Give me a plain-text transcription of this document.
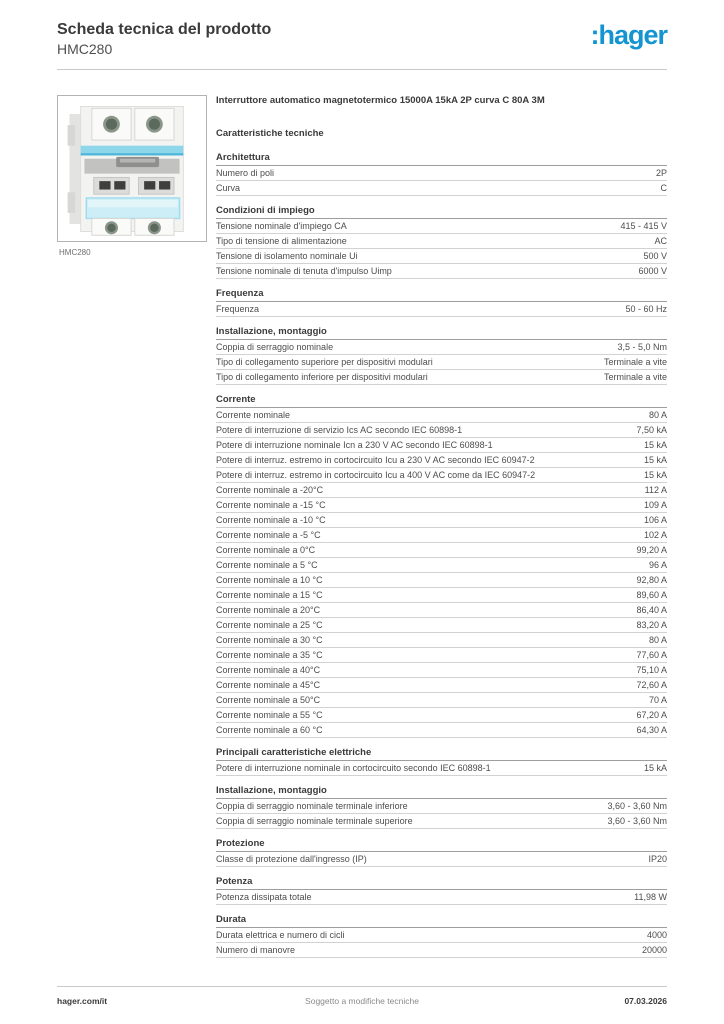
Scheda tecnica del prodotto
HMC280	:hager
HMC280
Interruttore automatico magnetotermico 15000A 15kA 2P curva C 80A 3M
Caratteristiche tecniche
Architettura
Numero di poli	2P
Curva	C
Condizioni di impiego
Tensione nominale d'impiego CA	415 - 415 V
Tipo di tensione di alimentazione	AC
Tensione di isolamento nominale Ui	500 V
Tensione nominale di tenuta d'impulso Uimp	6000 V
Frequenza
Frequenza	50 - 60 Hz
Installazione, montaggio
Coppia di serraggio nominale	3,5 - 5,0 Nm
Tipo di collegamento superiore per dispositivi modulari	Terminale a vite
Tipo di collegamento inferiore per dispositivi modulari	Terminale a vite
Corrente
Corrente nominale	80 A
Potere di interruzione di servizio Ics AC secondo IEC 60898-1	7,50 kA
Potere di interruzione nominale Icn a 230 V AC secondo IEC 60898-1	15 kA
Potere di interruz. estremo in cortocircuito Icu a 230 V AC secondo IEC 60947-2	15 kA
Potere di interruz. estremo in cortocircuito Icu a 400 V AC come da IEC 60947-2	15 kA
Corrente nominale a -20°C	112 A
Corrente nominale a -15 °C	109 A
Corrente nominale a -10 °C	106 A
Corrente nominale a -5 °C	102 A
Corrente nominale a 0°C	99,20 A
Corrente nominale a 5 °C	96 A
Corrente nominale a 10 °C	92,80 A
Corrente nominale a 15 °C	89,60 A
Corrente nominale a 20°C	86,40 A
Corrente nominale a 25 °C	83,20 A
Corrente nominale a 30 °C	80 A
Corrente nominale a 35 °C	77,60 A
Corrente nominale a 40°C	75,10 A
Corrente nominale a 45°C	72,60 A
Corrente nominale a 50°C	70 A
Corrente nominale a 55 °C	67,20 A
Corrente nominale a 60 °C	64,30 A
Principali caratteristiche elettriche
Potere di interruzione nominale in cortocircuito secondo IEC 60898-1	15 kA
Installazione, montaggio
Coppia di serraggio nominale terminale inferiore	3,60 - 3,60 Nm
Coppia di serraggio nominale terminale superiore	3,60 - 3,60 Nm
Protezione
Classe di protezione dall'ingresso (IP)	IP20
Potenza
Potenza dissipata totale	11,98 W
Durata
Durata elettrica e numero di cicli	4000
Numero di manovre	20000
hager.com/it	Soggetto a modifiche tecniche	07.03.2026
